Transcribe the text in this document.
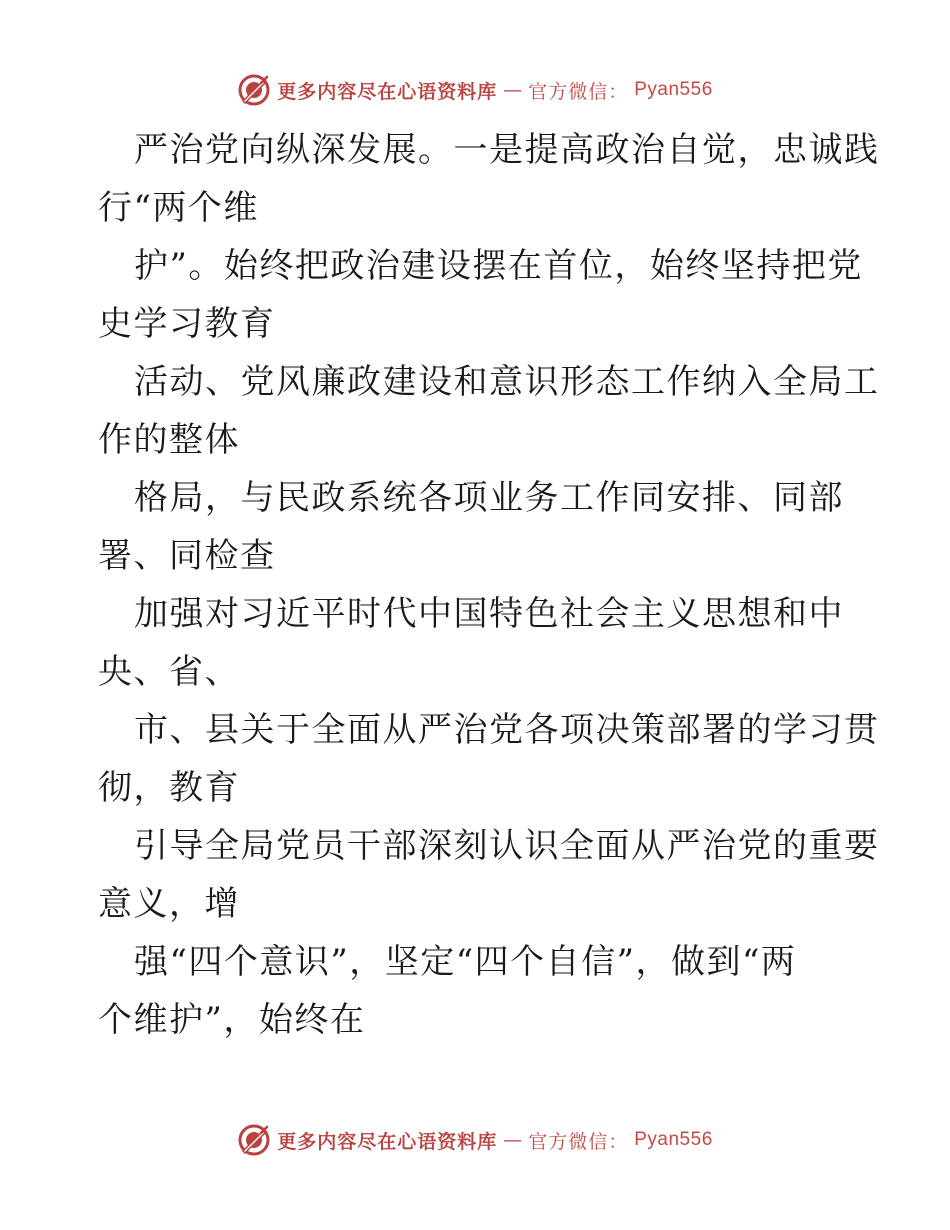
更多内容尽在心语资料库 — 官方微信： Pyan556
严治党向纵深发展。一是提高政治自觉，忠诚践
行“两个维
护”。始终把政治建设摆在首位，始终坚持把党
史学习教育
活动、党风廉政建设和意识形态工作纳入全局工
作的整体
格局，与民政系统各项业务工作同安排、同部
署、同检查
加强对习近平时代中国特色社会主义思想和中
央、省、
市、县关于全面从严治党各项决策部署的学习贯
彻，教育
引导全局党员干部深刻认识全面从严治党的重要
意义，增
强“四个意识”，坚定“四个自信”，做到“两
个维护”，始终在
更多内容尽在心语资料库 — 官方微信： Pyan556
